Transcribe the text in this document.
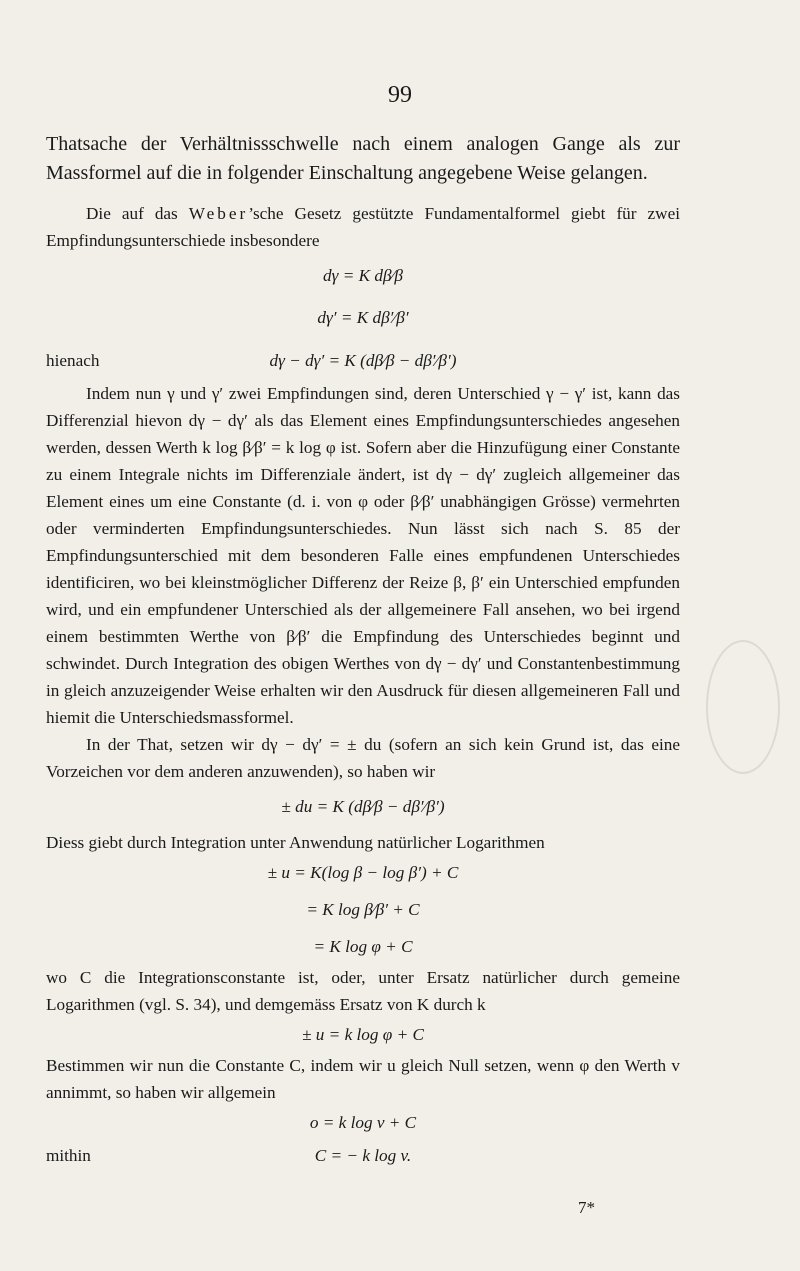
99

Thatsache der Verhältnissschwelle nach einem analogen Gange als zur Massformel auf die in folgender Einschaltung angegebene Weise gelangen.

Die auf das Weber’sche Gesetz gestützte Fundamentalformel giebt für zwei Empfindungsunterschiede insbesondere

dγ = K dβ⁄β

dγ′ = K dβ′⁄β′

hienach	dγ − dγ′ = K (dβ⁄β − dβ′⁄β′)

Indem nun γ und γ′ zwei Empfindungen sind, deren Unterschied γ − γ′ ist, kann das Differenzial hievon dγ − dγ′ als das Element eines Empfindungsunterschiedes angesehen werden, dessen Werth k log β⁄β′ = k log φ ist. Sofern aber die Hinzufügung einer Constante zu einem Integrale nichts im Differenziale ändert, ist dγ − dγ′ zugleich allgemeiner das Element eines um eine Constante (d. i. von φ oder β⁄β′ unabhängigen Grösse) vermehrten oder verminderten Empfindungsunterschiedes. Nun lässt sich nach S. 85 der Empfindungsunterschied mit dem besonderen Falle eines empfundenen Unterschiedes identificiren, wo bei kleinstmöglicher Differenz der Reize β, β′ ein Unterschied empfunden wird, und ein empfundener Unterschied als der allgemeinere Fall ansehen, wo bei irgend einem bestimmten Werthe von β⁄β′ die Empfindung des Unterschiedes beginnt und schwindet. Durch Integration des obigen Werthes von dγ − dγ′ und Constantenbestimmung in gleich anzuzeigender Weise erhalten wir den Ausdruck für diesen allgemeineren Fall und hiemit die Unterschiedsmassformel.

In der That, setzen wir dγ − dγ′ = ± du (sofern an sich kein Grund ist, das eine Vorzeichen vor dem anderen anzuwenden), so haben wir

± du = K (dβ⁄β − dβ′⁄β′)

Diess giebt durch Integration unter Anwendung natürlicher Logarithmen

± u = K(log β − log β′) + C

= K log β⁄β′ + C

= K log φ + C

wo C die Integrationsconstante ist, oder, unter Ersatz natürlicher durch gemeine Logarithmen (vgl. S. 34), und demgemäss Ersatz von K durch k

± u = k log φ + C

Bestimmen wir nun die Constante C, indem wir u gleich Null setzen, wenn φ den Werth v annimmt, so haben wir allgemein

o = k log v + C

mithin	C = − k log v.
7*
